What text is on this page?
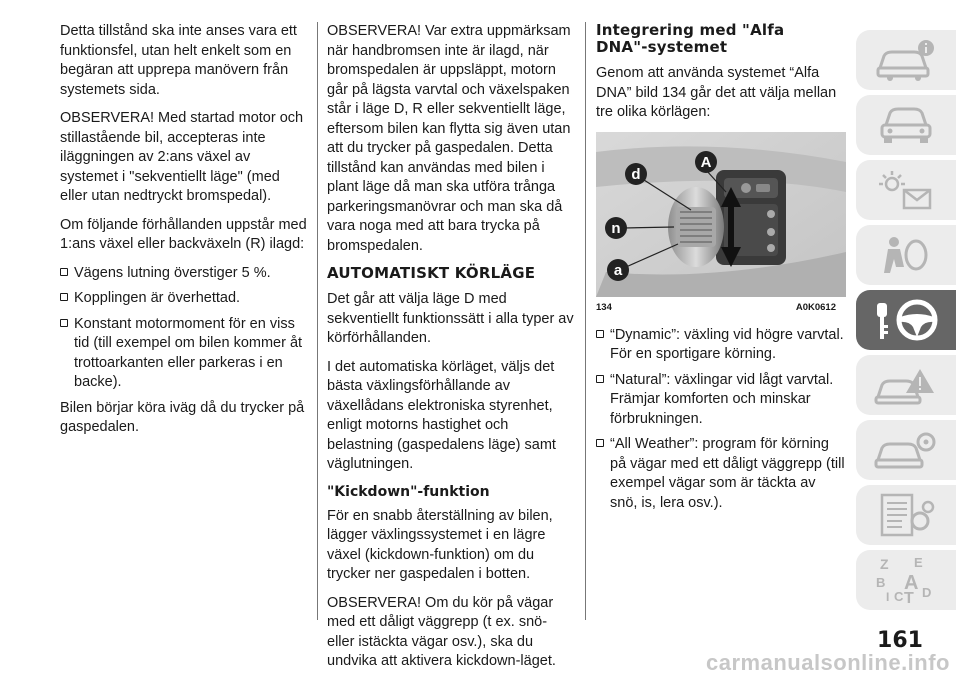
Detta tillstånd ska inte anses vara ett funktionsfel, utan helt enkelt som en begäran att upprepa manövern från systemets sida.

OBSERVERA! Med startad motor och stillastående bil, accepteras inte iläggningen av 2:ans växel av systemet i "sekventiellt läge" (med eller utan nedtryckt bromspedal).

Om följande förhållanden uppstår med 1:ans växel eller backväxeln (R) ilagd:

Vägens lutning överstiger 5 %.
Kopplingen är överhettad.
Konstant motormoment för en viss tid (till exempel om bilen kommer åt trottoarkanten eller parkeras i en backe).

Bilen börjar köra iväg då du trycker på gaspedalen.

OBSERVERA! Var extra uppmärksam när handbromsen inte är ilagd, när bromspedalen är uppsläppt, motorn går på lägsta varvtal och växelspaken står i läge D, R eller sekventiellt läge, eftersom bilen kan flytta sig även utan att du trycker på gaspedalen. Detta tillstånd kan användas med bilen i plant läge då man ska utföra trånga parkeringsmanövrar och man ska då vara noga med att bara trycka på bromspedalen.

AUTOMATISKT KÖRLÄGE

Det går att välja läge D med sekventiellt funktionssätt i alla typer av körförhållanden.

I det automatiska körläget, väljs det bästa växlingsförhållande av växellådans elektroniska styrenhet, enligt motorns hastighet och belastning (gaspedalens läge) samt väglutningen.

"Kickdown"-funktion

För en snabb återställning av bilen, lägger växlingssystemet i en lägre växel (kickdown-funktion) om du trycker ner gaspedalen i botten.

OBSERVERA! Om du kör på vägar med ett dåligt väggrepp (t ex. snö- eller istäckta vägar osv.), ska du undvika att aktivera kickdown-läget.

Integrering med "Alfa
DNA"-systemet

Genom att använda systemet “Alfa DNA” bild 134 går det att välja mellan tre olika körlägen:

d
A
n
a
134	A0K0612
“Dynamic”: växling vid högre varvtal. För en sportigare körning.
“Natural”: växlingar vid lågt varvtal. Främjar komforten och minskar förbrukningen.
“All Weather”: program för körning på vägar med ett dåligt väggrepp (till exempel vägar som är täckta av snö, is, lera osv.).
Z E
B A
I C T D
161
carmanualsonline.info
